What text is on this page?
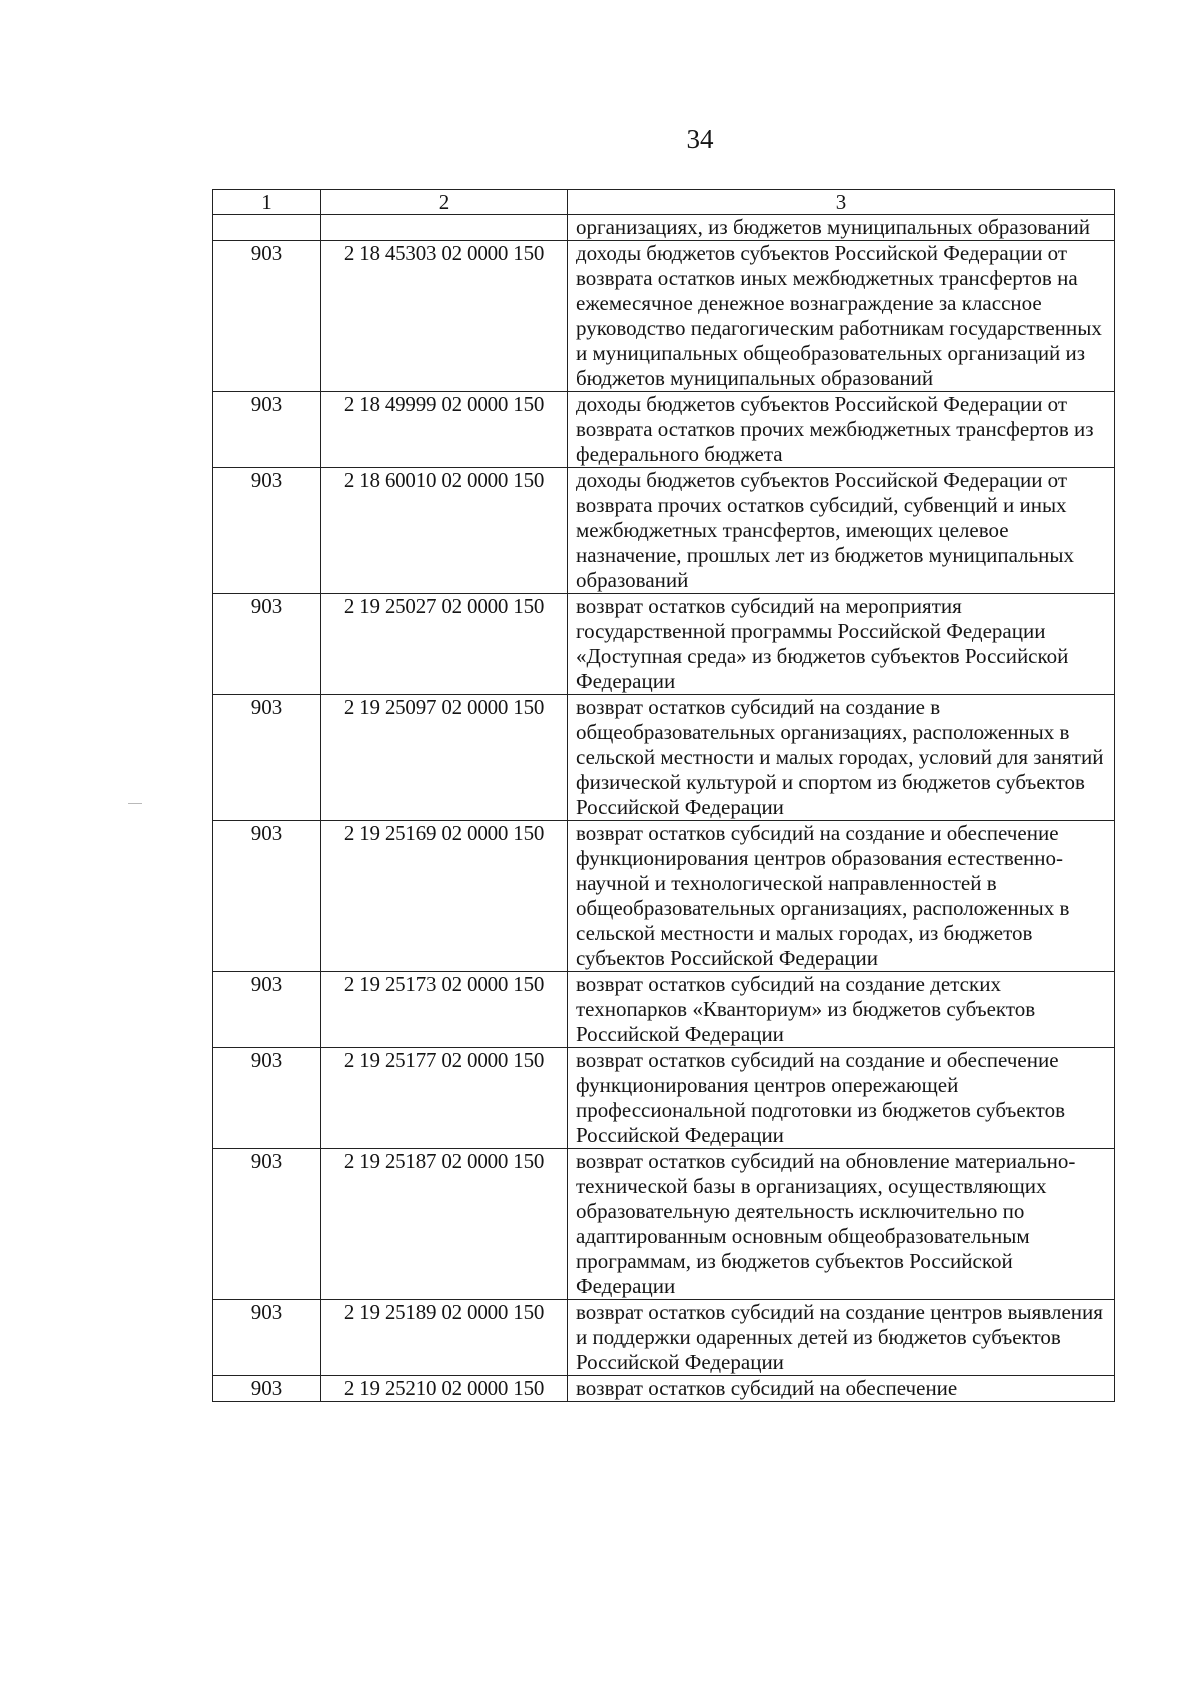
34
1	2	3
		организациях, из бюджетов муниципальных образований
903	2 18 45303 02 0000 150	доходы бюджетов субъектов Российской Федерации от возврата остатков иных межбюджетных трансфертов на ежемесячное денежное вознаграждение за классное руководство педагогическим работникам государственных и муниципальных общеобразовательных организаций из бюджетов муниципальных образований
903	2 18 49999 02 0000 150	доходы бюджетов субъектов Российской Федерации от возврата остатков прочих межбюджетных трансфертов из федерального бюджета
903	2 18 60010 02 0000 150	доходы бюджетов субъектов Российской Федерации от возврата прочих остатков субсидий, субвенций и иных межбюджетных трансфертов, имеющих целевое назначение, прошлых лет из бюджетов муниципальных образований
903	2 19 25027 02 0000 150	возврат остатков субсидий на мероприятия государственной программы Российской Федерации «Доступная среда» из бюджетов субъектов Российской Федерации
903	2 19 25097 02 0000 150	возврат остатков субсидий на создание в общеобразовательных организациях, расположенных в сельской местности и малых городах, условий для занятий физической культурой и спортом из бюджетов субъектов Российской Федерации
903	2 19 25169 02 0000 150	возврат остатков субсидий на создание и обеспечение функционирования центров образования естественно-научной и технологической направленностей в общеобразовательных организациях, расположенных в сельской местности и малых городах, из бюджетов субъектов Российской Федерации
903	2 19 25173 02 0000 150	возврат остатков субсидий на создание детских технопарков «Кванториум» из бюджетов субъектов Российской Федерации
903	2 19 25177 02 0000 150	возврат остатков субсидий на создание и обеспечение функционирования центров опережающей профессиональной подготовки из бюджетов субъектов Российской Федерации
903	2 19 25187 02 0000 150	возврат остатков субсидий на обновление материально-технической базы в организациях, осуществляющих образовательную деятельность исключительно по адаптированным основным общеобразовательным программам, из бюджетов субъектов Российской Федерации
903	2 19 25189 02 0000 150	возврат остатков субсидий на создание центров выявления и поддержки одаренных детей из бюджетов субъектов Российской Федерации
903	2 19 25210 02 0000 150	возврат остатков субсидий на обеспечение
